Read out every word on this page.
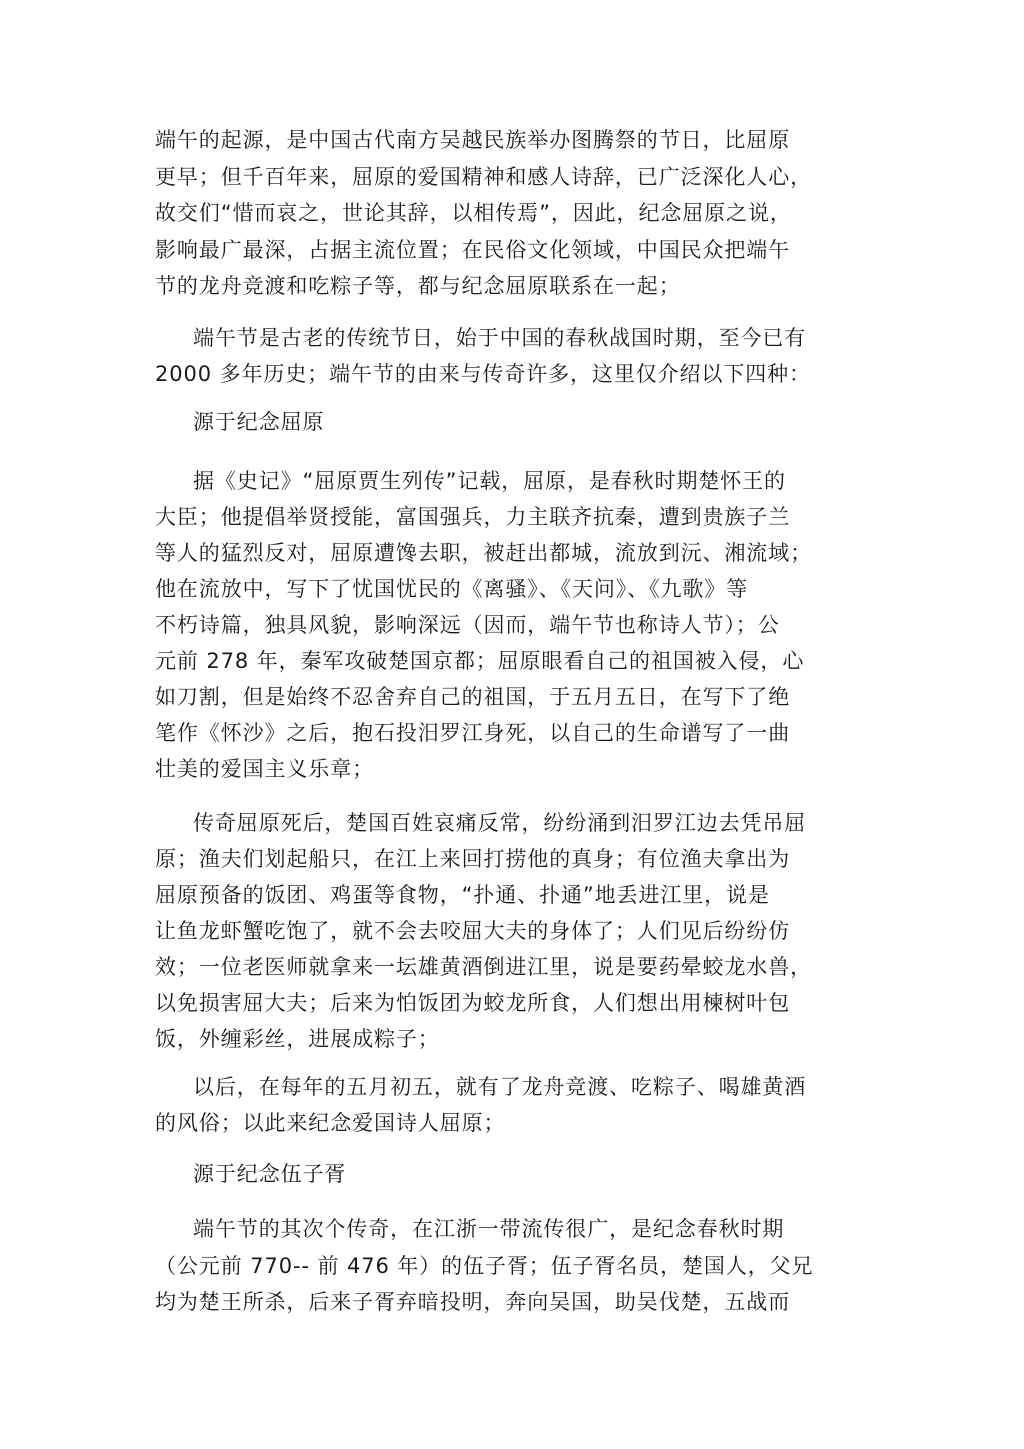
端午的起源，是中国古代南方吴越民族举办图腾祭的节日，比屈原
更早；但千百年来，屈原的爱国精神和感人诗辞，已广泛深化人心，
故交们“惜而哀之，世论其辞，以相传焉”，因此，纪念屈原之说，
影响最广最深，占据主流位置；在民俗文化领域，中国民众把端午
节的龙舟竞渡和吃粽子等，都与纪念屈原联系在一起；
端午节是古老的传统节日，始于中国的春秋战国时期，至今已有
2000 多年历史；端午节的由来与传奇许多，这里仅介绍以下四种：
源于纪念屈原
据《史记》“屈原贾生列传”记载，屈原，是春秋时期楚怀王的
大臣；他提倡举贤授能，富国强兵，力主联齐抗秦，遭到贵族子兰
等人的猛烈反对，屈原遭馋去职，被赶出都城，流放到沅、湘流域；
他在流放中，写下了忧国忧民的《离骚》、《天问》、《九歌》等
不朽诗篇，独具风貌，影响深远（因而，端午节也称诗人节）；公
元前 278 年，秦军攻破楚国京都；屈原眼看自己的祖国被入侵，心
如刀割，但是始终不忍舍弃自己的祖国，于五月五日，在写下了绝
笔作《怀沙》之后，抱石投汨罗江身死，以自己的生命谱写了一曲
壮美的爱国主义乐章；
传奇屈原死后，楚国百姓哀痛反常，纷纷涌到汨罗江边去凭吊屈
原；渔夫们划起船只，在江上来回打捞他的真身；有位渔夫拿出为
屈原预备的饭团、鸡蛋等食物，“扑通、扑通”地丢进江里，说是
让鱼龙虾蟹吃饱了，就不会去咬屈大夫的身体了；人们见后纷纷仿
效；一位老医师就拿来一坛雄黄酒倒进江里，说是要药晕蛟龙水兽，
以免损害屈大夫；后来为怕饭团为蛟龙所食，人们想出用楝树叶包
饭，外缠彩丝，进展成粽子；
以后，在每年的五月初五，就有了龙舟竞渡、吃粽子、喝雄黄酒
的风俗；以此来纪念爱国诗人屈原；
源于纪念伍子胥
端午节的其次个传奇，在江浙一带流传很广，是纪念春秋时期
（公元前 770-- 前 476 年）的伍子胥；伍子胥名员，楚国人，父兄
均为楚王所杀，后来子胥弃暗投明，奔向吴国，助吴伐楚，五战而
